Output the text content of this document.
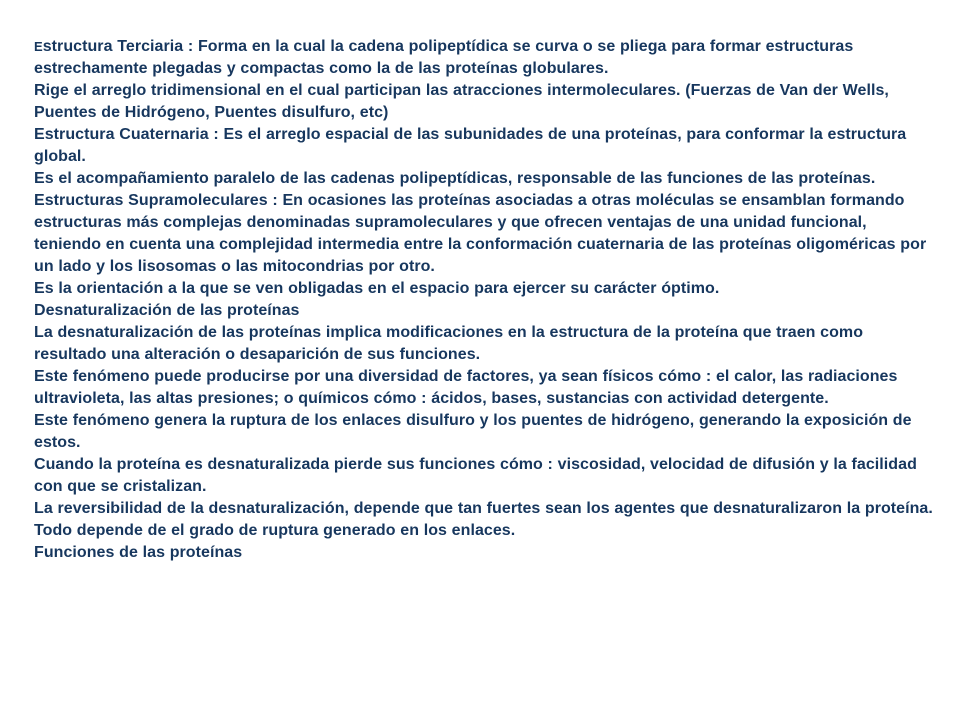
Estructura Terciaria : Forma en la cual la cadena polipeptídica se curva o se pliega para formar estructuras estrechamente plegadas y compactas como la de las proteínas globulares.

Rige el arreglo tridimensional en el cual participan las atracciones intermoleculares. (Fuerzas de Van der Wells, Puentes de Hidrógeno, Puentes disulfuro, etc)

Estructura Cuaternaria : Es el arreglo espacial de las subunidades de una proteínas, para conformar la estructura global.

Es el acompañamiento paralelo de las cadenas polipeptídicas, responsable de las funciones de las proteínas. Estructuras Supramoleculares : En ocasiones las proteínas asociadas a otras moléculas se ensamblan formando estructuras más complejas denominadas supramoleculares y que ofrecen ventajas de una unidad funcional, teniendo en cuenta una complejidad intermedia entre la conformación cuaternaria de las proteínas oligoméricas por un lado y los lisosomas o las mitocondrias por otro.

Es la orientación a la que se ven obligadas en el espacio para ejercer su carácter óptimo.

Desnaturalización de las proteínas

La desnaturalización de las proteínas implica modificaciones en la estructura de la proteína que traen como resultado una alteración o desaparición de sus funciones.

Este fenómeno puede producirse por una diversidad de factores, ya sean físicos cómo : el calor, las radiaciones ultravioleta, las altas presiones; o químicos cómo : ácidos, bases, sustancias con actividad detergente.

Este fenómeno genera la ruptura de los enlaces disulfuro y los puentes de hidrógeno, generando la exposición de estos.

Cuando la proteína es desnaturalizada pierde sus funciones cómo : viscosidad, velocidad de difusión y la facilidad con que se cristalizan.

La reversibilidad de la desnaturalización, depende que tan fuertes sean los agentes que desnaturalizaron la proteína. Todo depende de el grado de ruptura generado en los enlaces.

Funciones de las proteínas
